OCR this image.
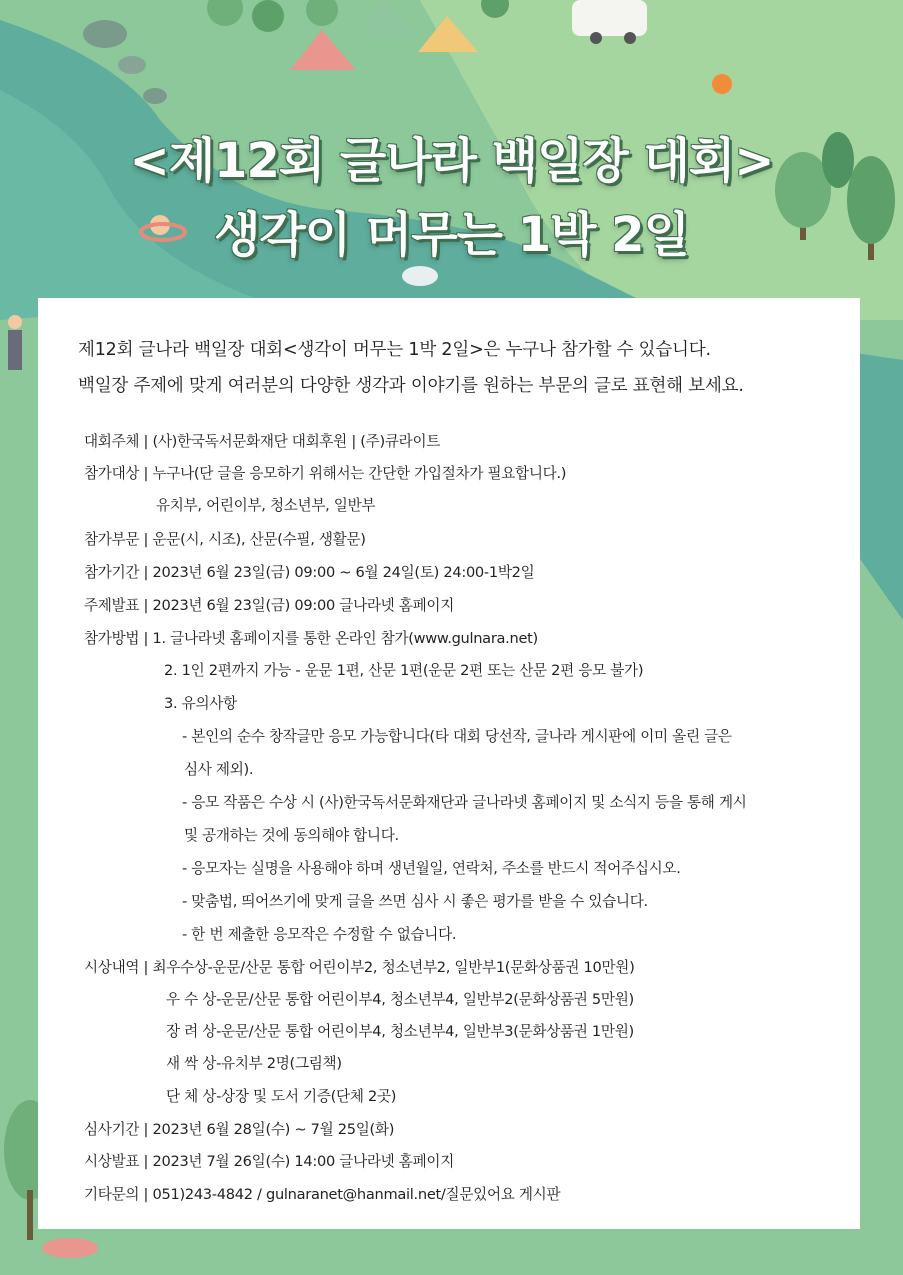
<제12회 글나라 백일장 대회>
생각이 머무는 1박 2일
제12회 글나라 백일장 대회<생각이 머무는 1박 2일>은 누구나 참가할 수 있습니다.
백일장 주제에 맞게 여러분의 다양한 생각과 이야기를 원하는 부문의 글로 표현해 보세요.
대회주체 | (사)한국독서문화재단 대회후원 | (주)큐라이트
참가대상 | 누구나(단 글을 응모하기 위해서는 간단한 가입절차가 필요합니다.)
유치부, 어린이부, 청소년부, 일반부
참가부문 | 운문(시, 시조), 산문(수필, 생활문)
참가기간 | 2023년 6월 23일(금) 09:00 ~ 6월 24일(토) 24:00-1박2일
주제발표 | 2023년 6월 23일(금) 09:00 글나라넷 홈페이지
참가방법 | 1. 글나라넷 홈페이지를 통한 온라인 참가(www.gulnara.net)
2. 1인 2편까지 가능 - 운문 1편, 산문 1편(운문 2편 또는 산문 2편 응모 불가)
3. 유의사항
- 본인의 순수 창작글만 응모 가능합니다(타 대회 당선작, 글나라 게시판에 이미 올린 글은
심사 제외).
- 응모 작품은 수상 시 (사)한국독서문화재단과 글나라넷 홈페이지 및 소식지 등을 통해 게시
및 공개하는 것에 동의해야 합니다.
- 응모자는 실명을 사용해야 하며 생년월일, 연락처, 주소를 반드시 적어주십시오.
- 맞춤법, 띄어쓰기에 맞게 글을 쓰면 심사 시 좋은 평가를 받을 수 있습니다.
- 한 번 제출한 응모작은 수정할 수 없습니다.
시상내역 | 최우수상-운문/산문 통합 어린이부2, 청소년부2, 일반부1(문화상품권 10만원)
우 수 상-운문/산문 통합 어린이부4, 청소년부4, 일반부2(문화상품권 5만원)
장 려 상-운문/산문 통합 어린이부4, 청소년부4, 일반부3(문화상품권 1만원)
새 싹 상-유치부 2명(그림책)
단 체 상-상장 및 도서 기증(단체 2곳)
심사기간 | 2023년 6월 28일(수) ~ 7월 25일(화)
시상발표 | 2023년 7월 26일(수) 14:00 글나라넷 홈페이지
기타문의 | 051)243-4842 / gulnaranet@hanmail.net/질문있어요 게시판
